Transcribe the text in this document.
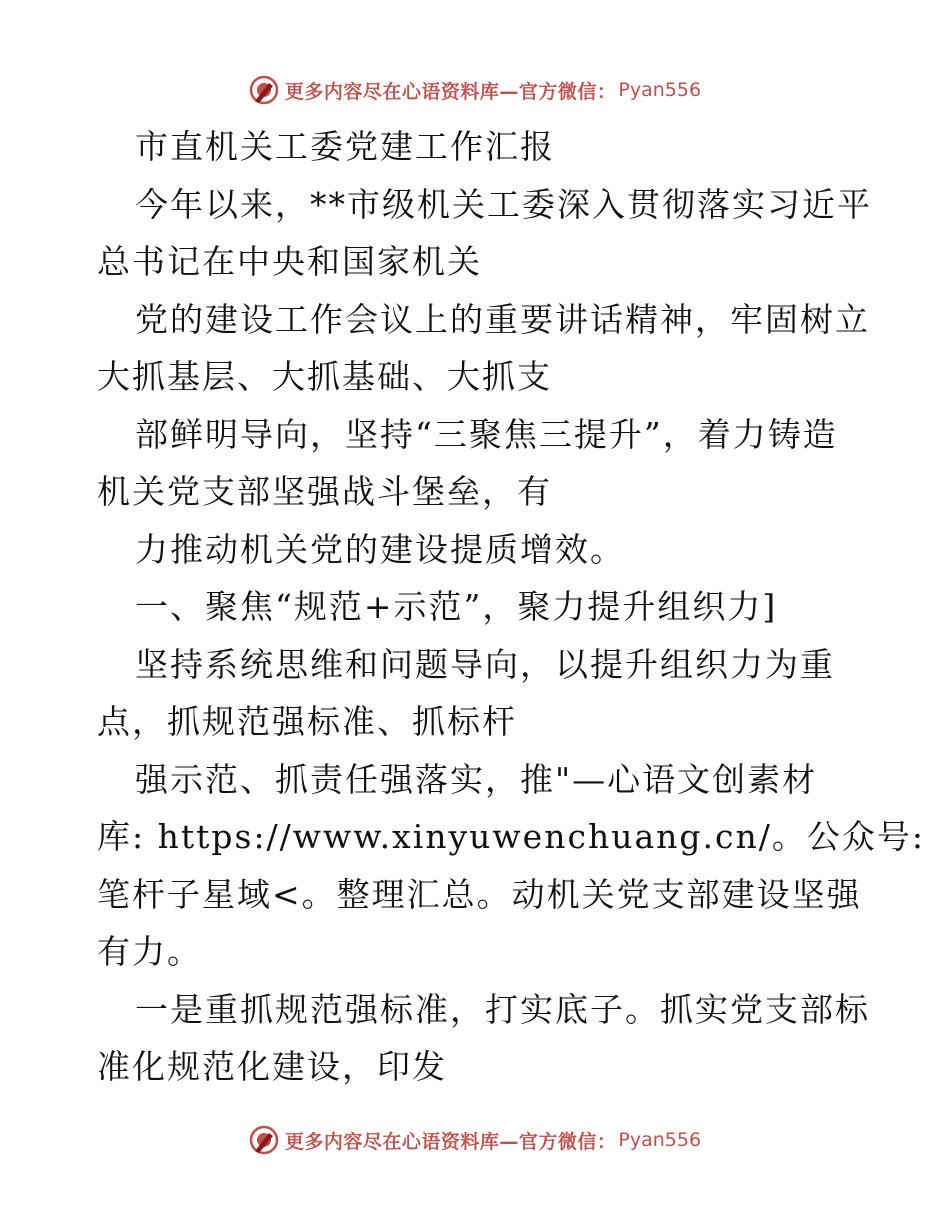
更多内容尽在心语资料库—官方微信： Pyan556
市直机关工委党建工作汇报
今年以来，**市级机关工委深入贯彻落实习近平
总书记在中央和国家机关
党的建设工作会议上的重要讲话精神，牢固树立
大抓基层、大抓基础、大抓支
部鲜明导向，坚持“三聚焦三提升”，着力铸造
机关党支部坚强战斗堡垒，有
力推动机关党的建设提质增效。
一、聚焦“规范+示范”，聚力提升组织力]
坚持系统思维和问题导向，以提升组织力为重
点，抓规范强标准、抓标杆
强示范、抓责任强落实，推"—心语文创素材
库: https://www.xinyuwenchuang.cn/。公众号:
笔杆子星域<。整理汇总。动机关党支部建设坚强
有力。
一是重抓规范强标准，打实底子。抓实党支部标
准化规范化建设，印发
更多内容尽在心语资料库—官方微信： Pyan556
